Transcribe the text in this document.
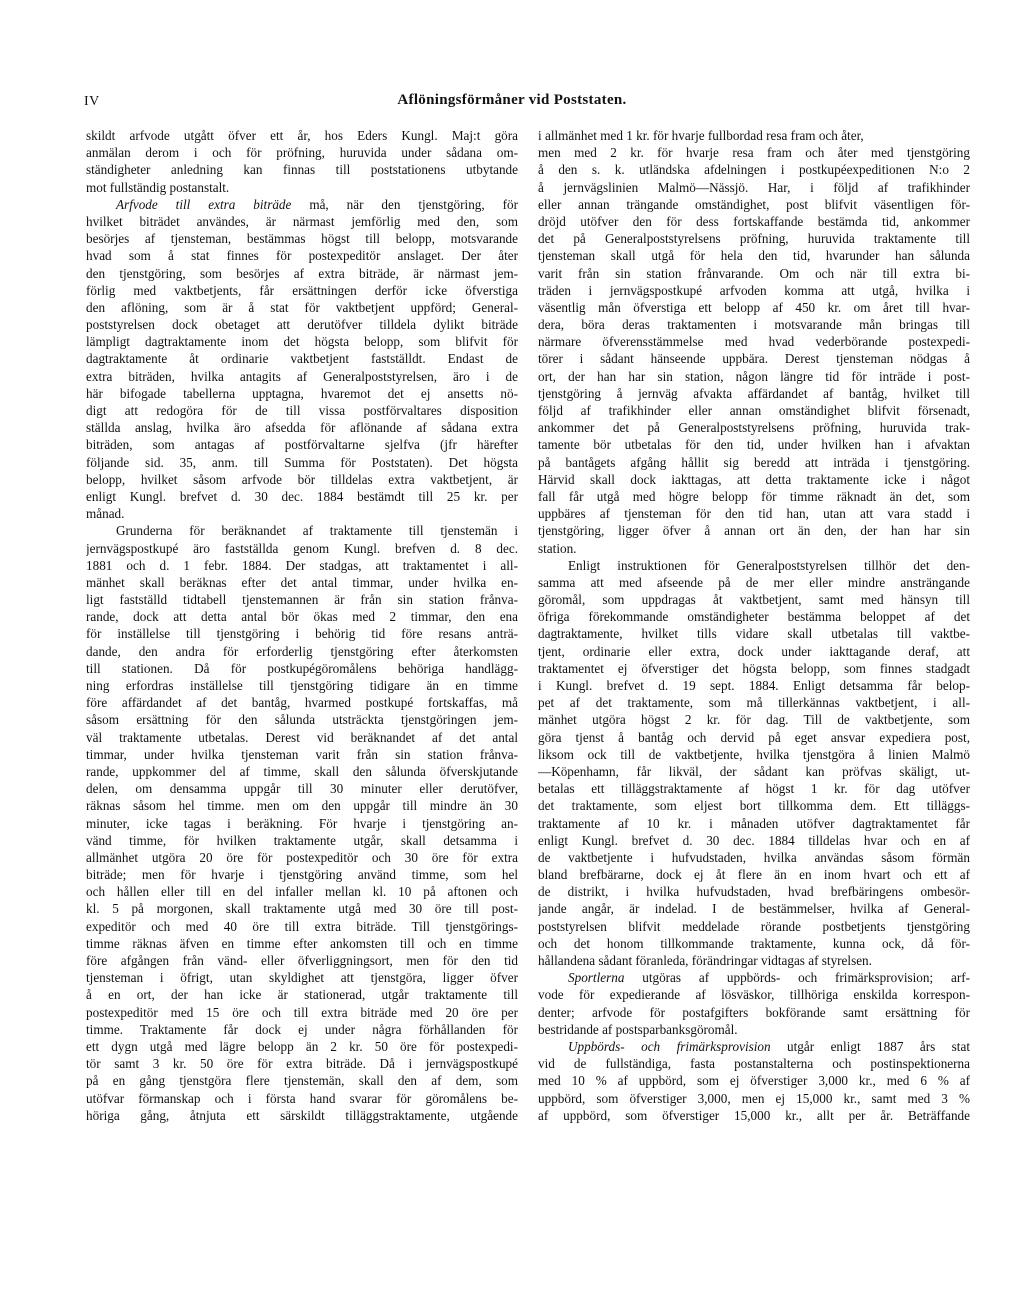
IV	Aflöningsförmåner vid Poststaten.
skildt arfvode utgått öfver ett år, hos Eders Kungl. Maj:t göra
anmälan derom i och för pröfning, huruvida under sådana om-
ständigheter anledning kan finnas till poststationens utbytande
mot fullständig postanstalt.
Arfvode till extra biträde må, när den tjenstgöring, för
hvilket biträdet användes, är närmast jemförlig med den, som
besörjes af tjensteman, bestämmas högst till belopp, motsvarande
hvad som å stat finnes för postexpeditör anslaget. Der åter
den tjenstgöring, som besörjes af extra biträde, är närmast jem-
förlig med vaktbetjents, får ersättningen derför icke öfverstiga
den aflöning, som är å stat för vaktbetjent uppförd; General-
poststyrelsen dock obetaget att derutöfver tilldela dylikt biträde
lämpligt dagtraktamente inom det högsta belopp, som blifvit för
dagtraktamente åt ordinarie vaktbetjent fastställdt. Endast de
extra biträden, hvilka antagits af Generalpoststyrelsen, äro i de
här bifogade tabellerna upptagna, hvaremot det ej ansetts nö-
digt att redogöra för de till vissa postförvaltares disposition
ställda anslag, hvilka äro afsedda för aflönande af sådana extra
biträden, som antagas af postförvaltarne sjelfva (jfr härefter
följande sid. 35, anm. till Summa för Poststaten). Det högsta
belopp, hvilket såsom arfvode bör tilldelas extra vaktbetjent, är
enligt Kungl. brefvet d. 30 dec. 1884 bestämdt till 25 kr. per
månad.
Grunderna för beräknandet af traktamente till tjenstemän i
jernvägspostkupé äro fastställda genom Kungl. brefven d. 8 dec.
1881 och d. 1 febr. 1884. Der stadgas, att traktamentet i all-
mänhet skall beräknas efter det antal timmar, under hvilka en-
ligt fastställd tidtabell tjenstemannen är från sin station frånva-
rande, dock att detta antal bör ökas med 2 timmar, den ena
för inställelse till tjenstgöring i behörig tid före resans anträ-
dande, den andra för erforderlig tjenstgöring efter återkomsten
till stationen. Då för postkupégöromålens behöriga handlägg-
ning erfordras inställelse till tjenstgöring tidigare än en timme
före affärdandet af det bantåg, hvarmed postkupé fortskaffas, må
såsom ersättning för den sålunda utsträckta tjenstgöringen jem-
väl traktamente utbetalas. Derest vid beräknandet af det antal
timmar, under hvilka tjensteman varit från sin station frånva-
rande, uppkommer del af timme, skall den sålunda öfverskjutande
delen, om densamma uppgår till 30 minuter eller derutöfver,
räknas såsom hel timme. men om den uppgår till mindre än 30
minuter, icke tagas i beräkning. För hvarje i tjenstgöring an-
vänd timme, för hvilken traktamente utgår, skall detsamma i
allmänhet utgöra 20 öre för postexpeditör och 30 öre för extra
biträde; men för hvarje i tjenstgöring använd timme, som hel
och hållen eller till en del infaller mellan kl. 10 på aftonen och
kl. 5 på morgonen, skall traktamente utgå med 30 öre till post-
expeditör och med 40 öre till extra biträde. Till tjenstgörings-
timme räknas äfven en timme efter ankomsten till och en timme
före afgången från vänd- eller öfverliggningsort, men för den tid
tjensteman i öfrigt, utan skyldighet att tjenstgöra, ligger öfver
å en ort, der han icke är stationerad, utgår traktamente till
postexpeditör med 15 öre och till extra biträde med 20 öre per
timme. Traktamente får dock ej under några förhållanden för
ett dygn utgå med lägre belopp än 2 kr. 50 öre för postexpedi-
tör samt 3 kr. 50 öre för extra biträde. Då i jernvägspostkupé
på en gång tjenstgöra flere tjenstemän, skall den af dem, som
utöfvar förmanskap och i första hand svarar för göromålens be-
höriga gång, åtnjuta ett särskildt tilläggstraktamente, utgående
i allmänhet med 1 kr. för hvarje fullbordad resa fram och åter,
men med 2 kr. för hvarje resa fram och åter med tjenstgöring
å den s. k. utländska afdelningen i postkupéexpeditionen N:o 2
å jernvägslinien Malmö—Nässjö. Har, i följd af trafikhinder
eller annan trängande omständighet, post blifvit väsentligen för-
dröjd utöfver den för dess fortskaffande bestämda tid, ankommer
det på Generalpoststyrelsens pröfning, huruvida traktamente till
tjensteman skall utgå för hela den tid, hvarunder han sålunda
varit från sin station frånvarande. Om och när till extra bi-
träden i jernvägspostkupé arfvoden komma att utgå, hvilka i
väsentlig mån öfverstiga ett belopp af 450 kr. om året till hvar-
dera, böra deras traktamenten i motsvarande mån bringas till
närmare öfverensstämmelse med hvad vederbörande postexpedi-
törer i sådant hänseende uppbära. Derest tjensteman nödgas å
ort, der han har sin station, någon längre tid för inträde i post-
tjenstgöring å jernväg afvakta affärdandet af bantåg, hvilket till
följd af trafikhinder eller annan omständighet blifvit försenadt,
ankommer det på Generalpoststyrelsens pröfning, huruvida trak-
tamente bör utbetalas för den tid, under hvilken han i afvaktan
på bantågets afgång hållit sig beredd att inträda i tjenstgöring.
Härvid skall dock iakttagas, att detta traktamente icke i något
fall får utgå med högre belopp för timme räknadt än det, som
uppbäres af tjensteman för den tid han, utan att vara stadd i
tjenstgöring, ligger öfver å annan ort än den, der han har sin
station.
Enligt instruktionen för Generalpoststyrelsen tillhör det den-
samma att med afseende på de mer eller mindre ansträngande
göromål, som uppdragas åt vaktbetjent, samt med hänsyn till
öfriga förekommande omständigheter bestämma beloppet af det
dagtraktamente, hvilket tills vidare skall utbetalas till vaktbe-
tjent, ordinarie eller extra, dock under iakttagande deraf, att
traktamentet ej öfverstiger det högsta belopp, som finnes stadgadt
i Kungl. brefvet d. 19 sept. 1884. Enligt detsamma får belop-
pet af det traktamente, som må tillerkännas vaktbetjent, i all-
mänhet utgöra högst 2 kr. för dag. Till de vaktbetjente, som
göra tjenst å bantåg och dervid på eget ansvar expediera post,
liksom ock till de vaktbetjente, hvilka tjenstgöra å linien Malmö
—Köpenhamn, får likväl, der sådant kan pröfvas skäligt, ut-
betalas ett tilläggstraktamente af högst 1 kr. för dag utöfver
det traktamente, som eljest bort tillkomma dem. Ett tilläggs-
traktamente af 10 kr. i månaden utöfver dagtraktamentet får
enligt Kungl. brefvet d. 30 dec. 1884 tilldelas hvar och en af
de vaktbetjente i hufvudstaden, hvilka användas såsom förmän
bland brefbärarne, dock ej åt flere än en inom hvart och ett af
de distrikt, i hvilka hufvudstaden, hvad brefbäringens ombesör-
jande angår, är indelad. I de bestämmelser, hvilka af General-
poststyrelsen blifvit meddelade rörande postbetjents tjenstgöring
och det honom tillkommande traktamente, kunna ock, då för-
hållandena sådant föranleda, förändringar vidtagas af styrelsen.
Sportlerna utgöras af uppbörds- och frimärksprovision; arf-
vode för expedierande af lösväskor, tillhöriga enskilda korrespon-
denter; arfvode för postafgifters bokförande samt ersättning för
bestridande af postsparbanksgöromål.
Uppbörds- och frimärksprovision utgår enligt 1887 års stat
vid de fullständiga, fasta postanstalterna och postinspektionerna
med 10 % af uppbörd, som ej öfverstiger 3,000 kr., med 6 % af
uppbörd, som öfverstiger 3,000, men ej 15,000 kr., samt med 3 %
af uppbörd, som öfverstiger 15,000 kr., allt per år. Beträffande
